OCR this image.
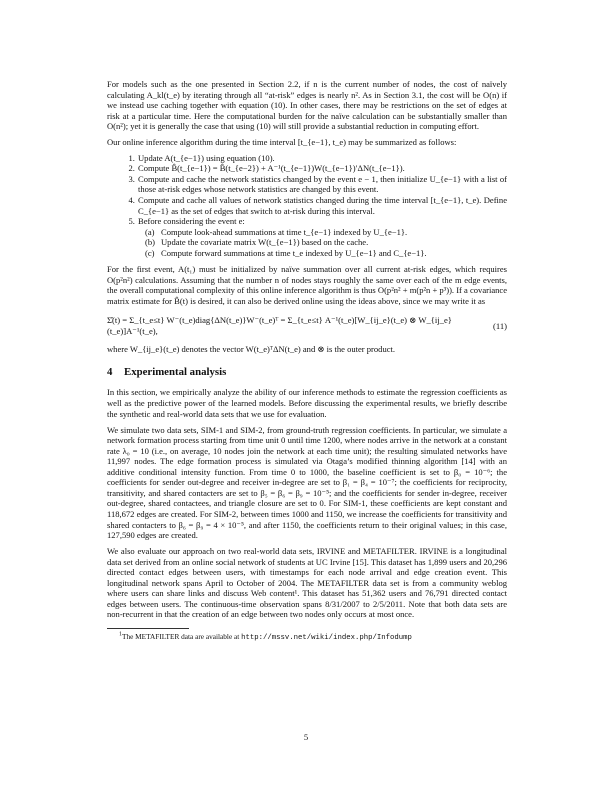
For models such as the one presented in Section 2.2, if n is the current number of nodes, the cost of naïvely calculating A_kl(t_e) by iterating through all “at-risk” edges is nearly n². As in Section 3.1, the cost will be O(n) if we instead use caching together with equation (10). In other cases, there may be restrictions on the set of edges at risk at a particular time. Here the computational burden for the naïve calculation can be substantially smaller than O(n²); yet it is generally the case that using (10) will still provide a substantial reduction in computing effort.

Our online inference algorithm during the time interval [t_{e−1}, t_e) may be summarized as follows:

1. Update A(t_{e−1}) using equation (10).
2. Compute B̂(t_{e−1}) = B̂(t_{e−2}) + A⁻¹(t_{e−1})W(t_{e−1})′ΔN(t_{e−1}).
3. Compute and cache the network statistics changed by the event e − 1, then initialize U_{e−1} with a list of those at-risk edges whose network statistics are changed by this event.
4. Compute and cache all values of network statistics changed during the time interval [t_{e−1}, t_e). Define C_{e−1} as the set of edges that switch to at-risk during this interval.
5. Before considering the event e:
(a) Compute look-ahead summations at time t_{e−1} indexed by U_{e−1}.
(b) Update the covariate matrix W(t_{e−1}) based on the cache.
(c) Compute forward summations at time t_e indexed by U_{e−1} and C_{e−1}.

For the first event, A(t₁) must be initialized by naïve summation over all current at-risk edges, which requires O(p²n²) calculations. Assuming that the number n of nodes stays roughly the same over each of the m edge events, the overall computational complexity of this online inference algorithm is thus O(p²n² + m(p²n + p³)). If a covariance matrix estimate for B̂(t) is desired, it can also be derived online using the ideas above, since we may write it as

Σ̂(t) = Σ_{t_e≤t} W⁻(t_e)diag{ΔN(t_e)}W⁻(t_e)ᵀ = Σ_{t_e≤t} A⁻¹(t_e)[W_{ij_e}(t_e) ⊗ W_{ij_e}(t_e)]A⁻¹(t_e),	(11)

where W_{ij_e}(t_e) denotes the vector W(t_e)ᵀΔN(t_e) and ⊗ is the outer product.

4 Experimental analysis

In this section, we empirically analyze the ability of our inference methods to estimate the regression coefficients as well as the predictive power of the learned models. Before discussing the experimental results, we briefly describe the synthetic and real-world data sets that we use for evaluation.

We simulate two data sets, SIM-1 and SIM-2, from ground-truth regression coefficients. In particular, we simulate a network formation process starting from time unit 0 until time 1200, where nodes arrive in the network at a constant rate λ₀ = 10 (i.e., on average, 10 nodes join the network at each time unit); the resulting simulated networks have 11,997 nodes. The edge formation process is simulated via Otaga’s modified thinning algorithm [14] with an additive conditional intensity function. From time 0 to 1000, the baseline coefficient is set to β₀ = 10⁻⁶; the coefficients for sender out-degree and receiver in-degree are set to β₁ = β₄ = 10⁻⁷; the coefficients for reciprocity, transitivity, and shared contacters are set to β₅ = β₆ = β₉ = 10⁻⁵; and the coefficients for sender in-degree, receiver out-degree, shared contactees, and triangle closure are set to 0. For SIM-1, these coefficients are kept constant and 118,672 edges are created. For SIM-2, between times 1000 and 1150, we increase the coefficients for transitivity and shared contacters to β₆ = β₉ = 4 × 10⁻⁵, and after 1150, the coefficients return to their original values; in this case, 127,590 edges are created.

We also evaluate our approach on two real-world data sets, IRVINE and METAFILTER. IRVINE is a longitudinal data set derived from an online social network of students at UC Irvine [15]. This dataset has 1,899 users and 20,296 directed contact edges between users, with timestamps for each node arrival and edge creation event. This longitudinal network spans April to October of 2004. The METAFILTER data set is from a community weblog where users can share links and discuss Web content¹. This dataset has 51,362 users and 76,791 directed contact edges between users. The continuous-time observation spans 8/31/2007 to 2/5/2011. Note that both data sets are non-recurrent in that the creation of an edge between two nodes only occurs at most once.

$^1$The METAFILTER data are available at http://mssv.net/wiki/index.php/Infodump
5
